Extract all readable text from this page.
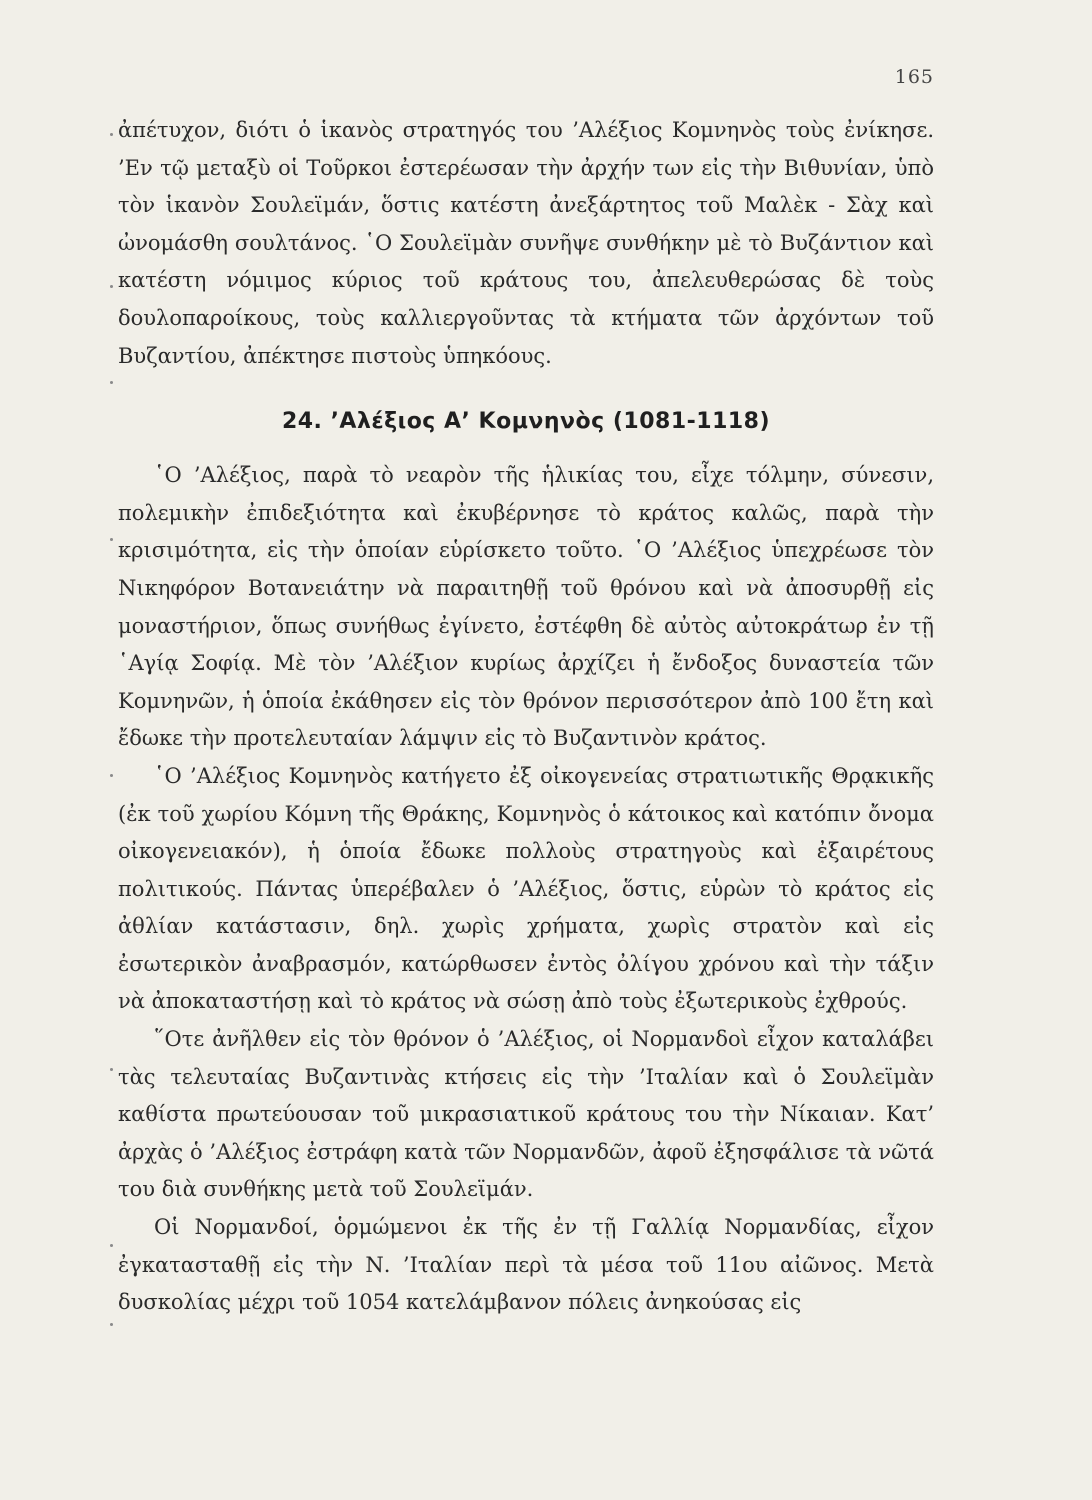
165

ἀπέτυχον, διότι ὁ ἱκανὸς στρατηγός του ’Αλέξιος Κομνηνὸς τοὺς ἐνίκησε. ’Εν τῷ μεταξὺ οἱ Τοῦρκοι ἐστερέωσαν τὴν ἀρχήν των εἰς τὴν Βιθυνίαν, ὑπὸ τὸν ἱκανὸν Σουλεϊμάν, ὅστις κατέστη ἀνεξάρτητος τοῦ Μαλὲκ - Σὰχ καὶ ὠνομάσθη σουλτάνος. ῾Ο Σουλεϊμὰν συνῆψε συνθήκην μὲ τὸ Βυζάντιον καὶ κατέστη νόμιμος κύριος τοῦ κράτους του, ἀπελευθερώσας δὲ τοὺς δουλοπαροίκους, τοὺς καλλιεργοῦντας τὰ κτήματα τῶν ἀρχόντων τοῦ Βυζαντίου, ἀπέκτησε πιστοὺς ὑπηκόους.

24. ’Αλέξιος Α’ Κομνηνὸς (1081-1118)

῾Ο ’Αλέξιος, παρὰ τὸ νεαρὸν τῆς ἡλικίας του, εἶχε τόλμην, σύνεσιν, πολεμικὴν ἐπιδεξιότητα καὶ ἐκυβέρνησε τὸ κράτος καλῶς, παρὰ τὴν κρισιμότητα, εἰς τὴν ὁποίαν εὑρίσκετο τοῦτο. ῾Ο ’Αλέξιος ὑπεχρέωσε τὸν Νικηφόρον Βοτανειάτην νὰ παραιτηθῇ τοῦ θρόνου καὶ νὰ ἀποσυρθῇ εἰς μοναστήριον, ὅπως συνήθως ἐγίνετο, ἐστέφθη δὲ αὐτὸς αὐτοκράτωρ ἐν τῇ ῾Αγίᾳ Σοφίᾳ. Μὲ τὸν ’Αλέξιον κυρίως ἀρχίζει ἡ ἔνδοξος δυναστεία τῶν Κομνηνῶν, ἡ ὁποία ἐκάθησεν εἰς τὸν θρόνον περισσότερον ἀπὸ 100 ἔτη καὶ ἔδωκε τὴν προτελευταίαν λάμψιν εἰς τὸ Βυζαντινὸν κράτος.

῾Ο ’Αλέξιος Κομνηνὸς κατήγετο ἐξ οἰκογενείας στρατιωτικῆς Θρᾳκικῆς (ἐκ τοῦ χωρίου Κόμνη τῆς Θράκης, Κομνηνὸς ὁ κάτοικος καὶ κατόπιν ὄνομα οἰκογενειακόν), ἡ ὁποία ἔδωκε πολλοὺς στρατηγοὺς καὶ ἐξαιρέτους πολιτικούς. Πάντας ὑπερέβαλεν ὁ ’Αλέξιος, ὅστις, εὑρὼν τὸ κράτος εἰς ἀθλίαν κατάστασιν, δηλ. χωρὶς χρήματα, χωρὶς στρατὸν καὶ εἰς ἐσωτερικὸν ἀναβρασμόν, κατώρθωσεν ἐντὸς ὀλίγου χρόνου καὶ τὴν τάξιν νὰ ἀποκαταστήσῃ καὶ τὸ κράτος νὰ σώσῃ ἀπὸ τοὺς ἐξωτερικοὺς ἐχθρούς.

῞Οτε ἀνῆλθεν εἰς τὸν θρόνον ὁ ’Αλέξιος, οἱ Νορμανδοὶ εἶχον καταλάβει τὰς τελευταίας Βυζαντινὰς κτήσεις εἰς τὴν ’Ιταλίαν καὶ ὁ Σουλεϊμὰν καθίστα πρωτεύουσαν τοῦ μικρασιατικοῦ κράτους του τὴν Νίκαιαν. Κατ’ ἀρχὰς ὁ ’Αλέξιος ἐστράφη κατὰ τῶν Νορμανδῶν, ἀφοῦ ἐξησφάλισε τὰ νῶτά του διὰ συνθήκης μετὰ τοῦ Σουλεϊμάν.

Οἱ Νορμανδοί, ὁρμώμενοι ἐκ τῆς ἐν τῇ Γαλλίᾳ Νορμανδίας, εἶχον ἐγκατασταθῇ εἰς τὴν Ν. ’Ιταλίαν περὶ τὰ μέσα τοῦ 11ου αἰῶνος. Μετὰ δυσκολίας μέχρι τοῦ 1054 κατελάμβανον πόλεις ἀνηκούσας εἰς
